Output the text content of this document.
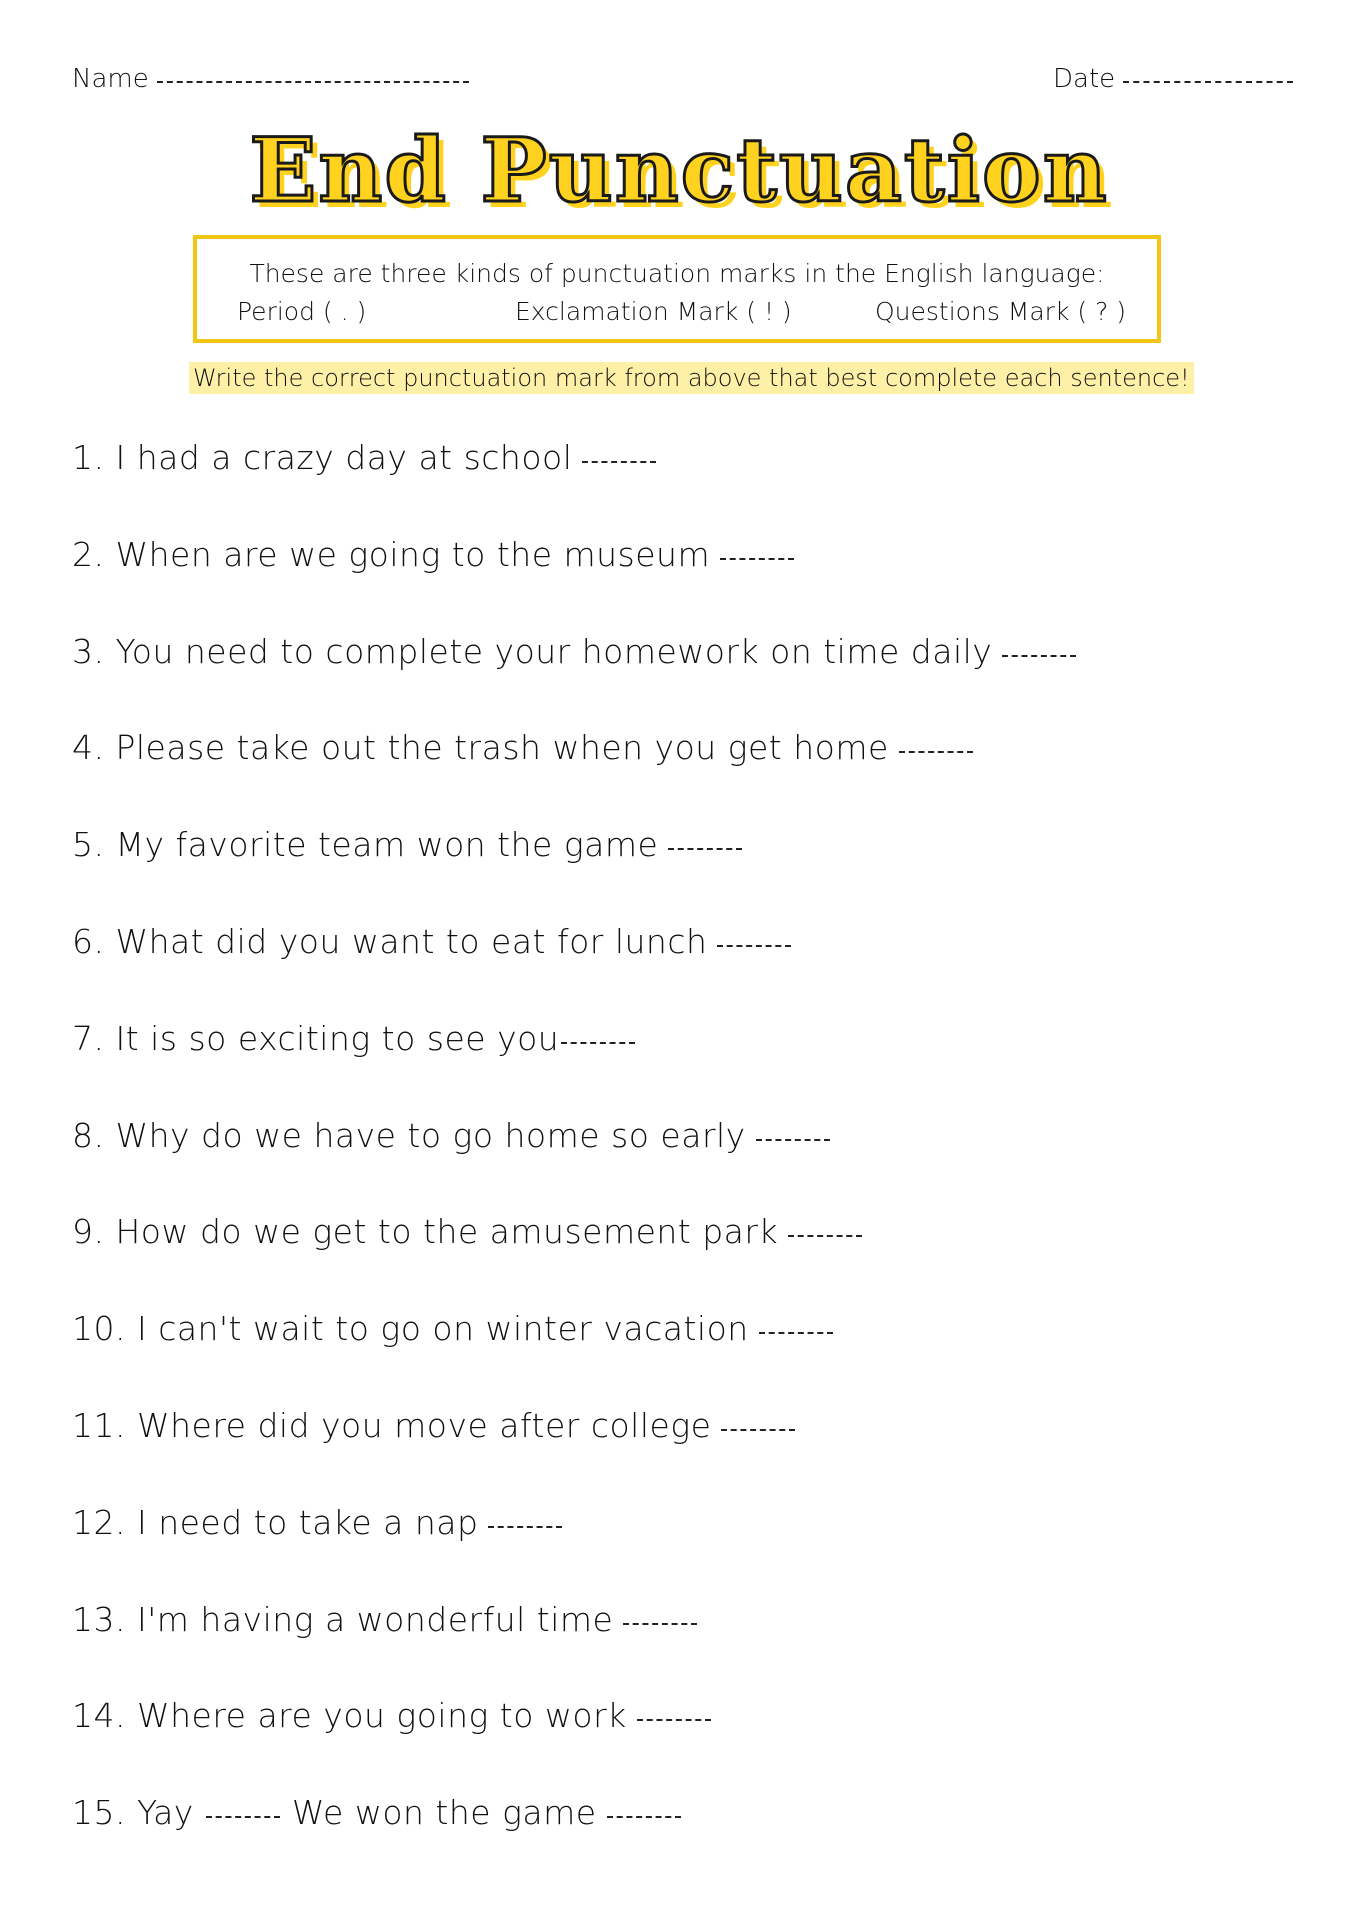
Name	Date
End Punctuation
These are three kinds of punctuation marks in the English language:
Period ( . )	Exclamation Mark ( ! )	Questions Mark ( ? )
Write the correct punctuation mark from above that best complete each sentence!
1. I had a crazy day at school
2. When are we going to the museum
3. You need to complete your homework on time daily
4. Please take out the trash when you get home
5. My favorite team won the game
6. What did you want to eat for lunch
7. It is so exciting to see you
8. Why do we have to go home so early
9. How do we get to the amusement park
10. I can't wait to go on winter vacation
11. Where did you move after college
12. I need to take a nap
13. I'm having a wonderful time
14. Where are you going to work
15. Yay	We won the game
